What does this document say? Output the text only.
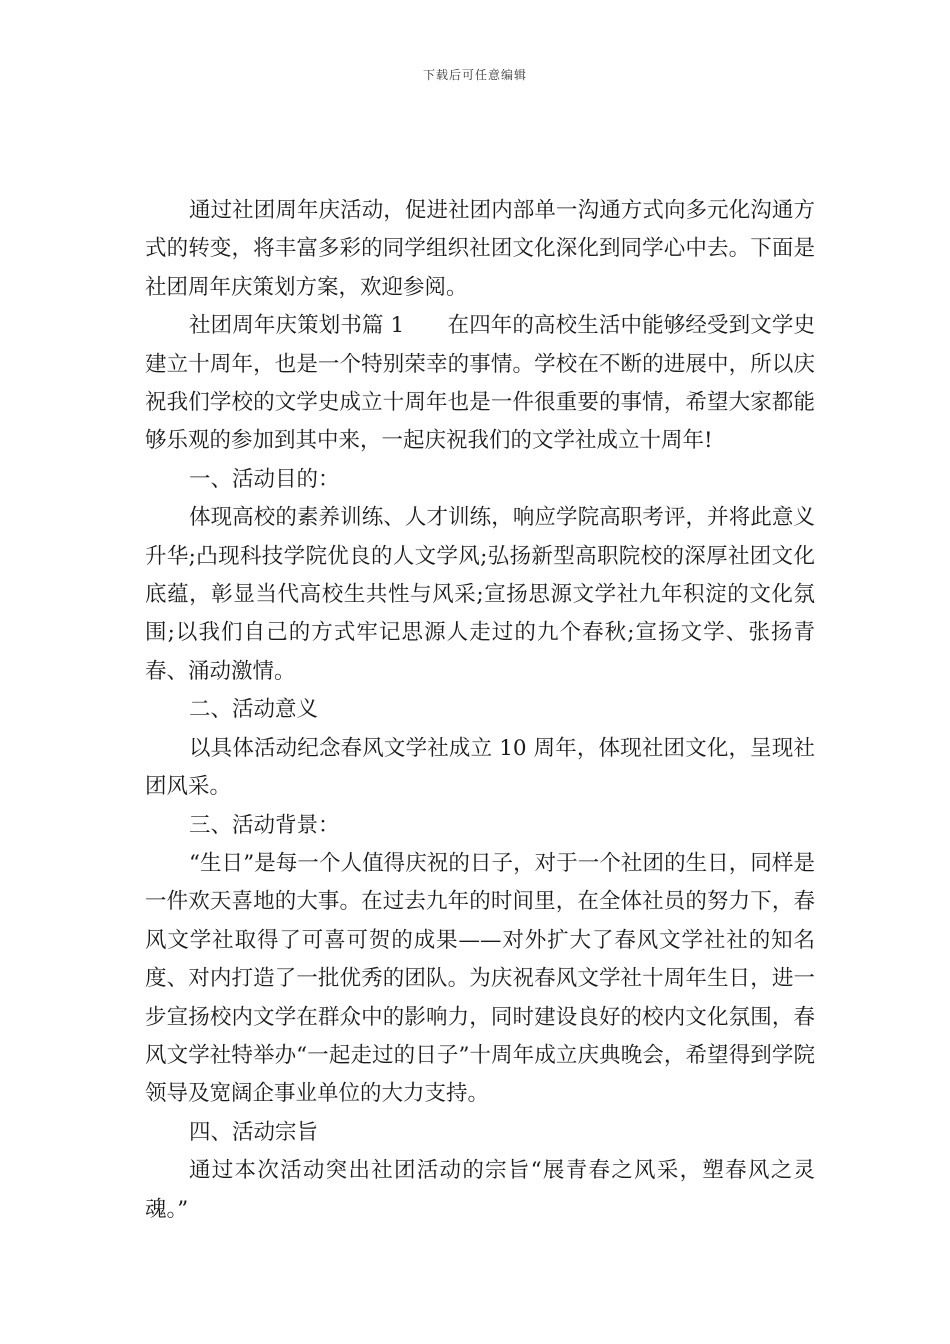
下载后可任意编辑

通过社团周年庆活动，促进社团内部单一沟通方式向多元化沟通方式的转变，将丰富多彩的同学组织社团文化深化到同学心中去。下面是社团周年庆策划方案，欢迎参阅。

社团周年庆策划书篇 1　　在四年的高校生活中能够经受到文学史建立十周年，也是一个特别荣幸的事情。学校在不断的进展中，所以庆祝我们学校的文学史成立十周年也是一件很重要的事情，希望大家都能够乐观的参加到其中来，一起庆祝我们的文学社成立十周年!

一、活动目的：

体现高校的素养训练、人才训练，响应学院高职考评，并将此意义升华;凸现科技学院优良的人文学风;弘扬新型高职院校的深厚社团文化底蕴，彰显当代高校生共性与风采;宣扬思源文学社九年积淀的文化氛围;以我们自己的方式牢记思源人走过的九个春秋;宣扬文学、张扬青春、涌动激情。

二、活动意义

以具体活动纪念春风文学社成立 10 周年，体现社团文化，呈现社团风采。

三、活动背景：

“生日”是每一个人值得庆祝的日子，对于一个社团的生日，同样是一件欢天喜地的大事。在过去九年的时间里，在全体社员的努力下，春风文学社取得了可喜可贺的成果——对外扩大了春风文学社社的知名度、对内打造了一批优秀的团队。为庆祝春风文学社十周年生日，进一步宣扬校内文学在群众中的影响力，同时建设良好的校内文化氛围，春风文学社特举办“一起走过的日子”十周年成立庆典晚会，希望得到学院领导及宽阔企事业单位的大力支持。

四、活动宗旨

通过本次活动突出社团活动的宗旨“展青春之风采，塑春风之灵魂。”
